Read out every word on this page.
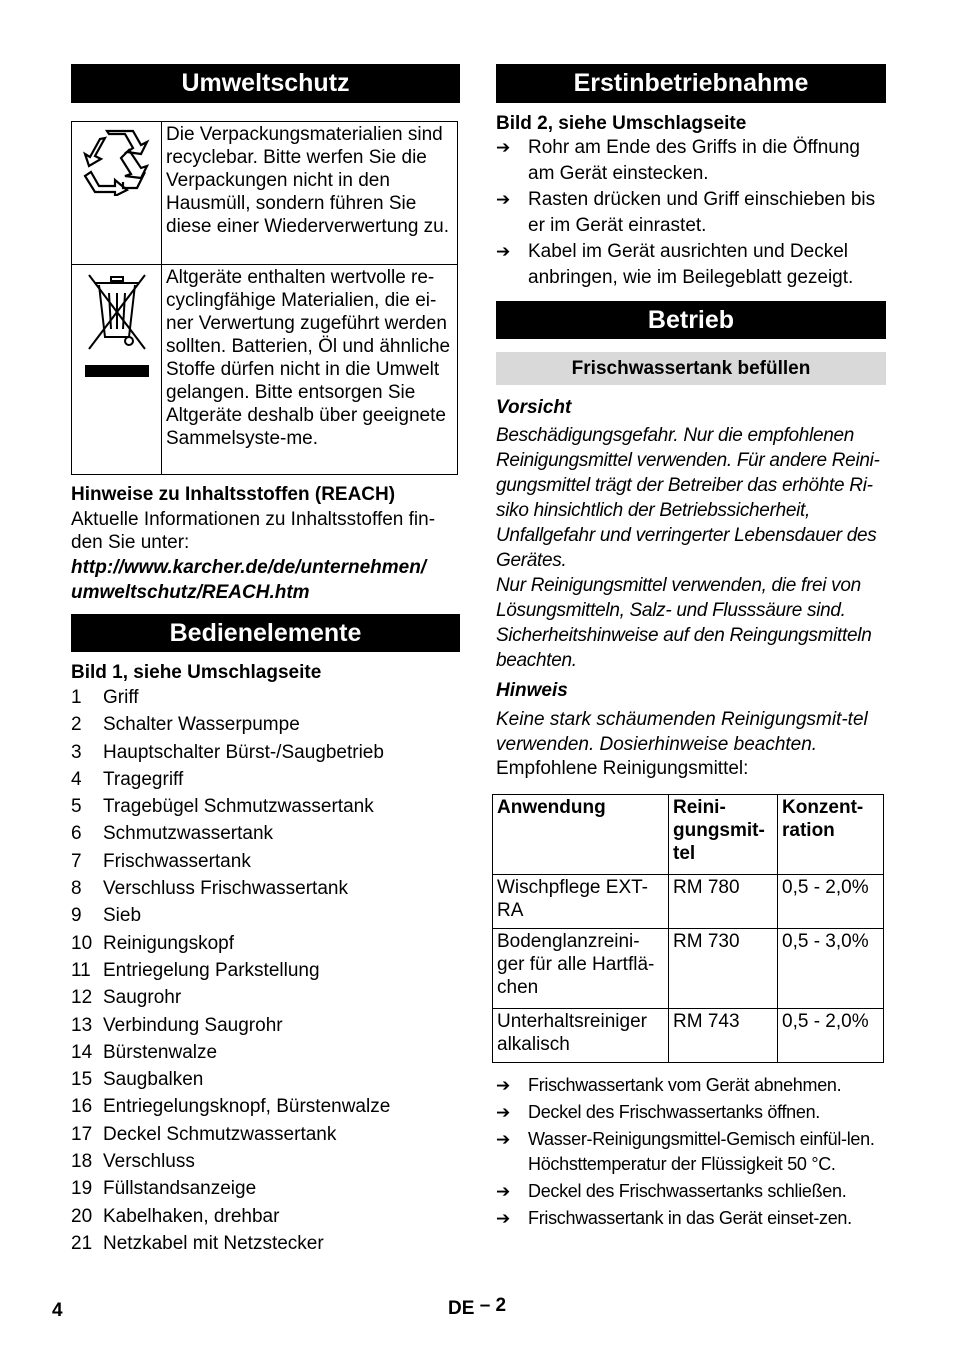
Umweltschutz
	Die Verpackungsmaterialien sind recyclebar. Bitte werfen Sie die Verpackungen nicht in den Hausmüll, sondern führen Sie diese einer Wiederverwertung zu.
	Altgeräte enthalten wertvolle re-cyclingfähige Materialien, die ei-ner Verwertung zugeführt werden sollten. Batterien, Öl und ähnliche Stoffe dürfen nicht in die Umwelt gelangen. Bitte entsorgen Sie Altgeräte deshalb über geeignete Sammelsyste-me.

Hinweise zu Inhaltsstoffen (REACH)

Aktuelle Informationen zu Inhaltsstoffen fin-den Sie unter:

http://www.karcher.de/de/unternehmen/

umweltschutz/REACH.htm

Bedienelemente

Bild 1, siehe Umschlagseite

1	Griff
2	Schalter Wasserpumpe
3	Hauptschalter Bürst-/Saugbetrieb
4	Tragegriff
5	Tragebügel Schmutzwassertank
6	Schmutzwassertank
7	Frischwassertank
8	Verschluss Frischwassertank
9	Sieb
10 Reinigungskopf
11 Entriegelung Parkstellung
12 Saugrohr
13 Verbindung Saugrohr
14 Bürstenwalze
15 Saugbalken
16 Entriegelungsknopf, Bürstenwalze
17 Deckel Schmutzwassertank
18 Verschluss
19 Füllstandsanzeige
20 Kabelhaken, drehbar
21 Netzkabel mit Netzstecker
Erstinbetriebnahme

Bild 2, siehe Umschlagseite

➔ Rohr am Ende des Griffs in die Öffnung am Gerät einstecken.
➔ Rasten drücken und Griff einschieben bis er im Gerät einrastet.
➔ Kabel im Gerät ausrichten und Deckel anbringen, wie im Beilegeblatt gezeigt.
Betrieb
Frischwassertank befüllen

Vorsicht

Beschädigungsgefahr. Nur die empfohlenen Reinigungsmittel verwenden. Für andere Reini-gungsmittel trägt der Betreiber das erhöhte Ri-siko hinsichtlich der Betriebssicherheit, Unfallgefahr und verringerter Lebensdauer des Gerätes.

Nur Reinigungsmittel verwenden, die frei von Lösungsmitteln, Salz- und Flusssäure sind. Sicherheitshinweise auf den Reingungsmitteln beachten.

Hinweis

Keine stark schäumenden Reinigungsmit-tel verwenden. Dosierhinweise beachten.

Empfohlene Reinigungsmittel:

Anwendung	Reini-gungsmit-tel	Konzent-ration
Wischpflege EXT-RA	RM 780	0,5 - 2,0%
Bodenglanzreini-ger für alle Hartflä-chen	RM 730	0,5 - 3,0%
Unterhaltsreiniger alkalisch	RM 743	0,5 - 2,0%
➔	Frischwassertank vom Gerät abnehmen.
➔	Deckel des Frischwassertanks öffnen.
➔	Wasser-Reinigungsmittel-Gemisch einfül-len. Höchsttemperatur der Flüssigkeit 50 °C.
➔	Deckel des Frischwassertanks schließen.
➔	Frischwassertank in das Gerät einset-zen.
4	DE – 2
